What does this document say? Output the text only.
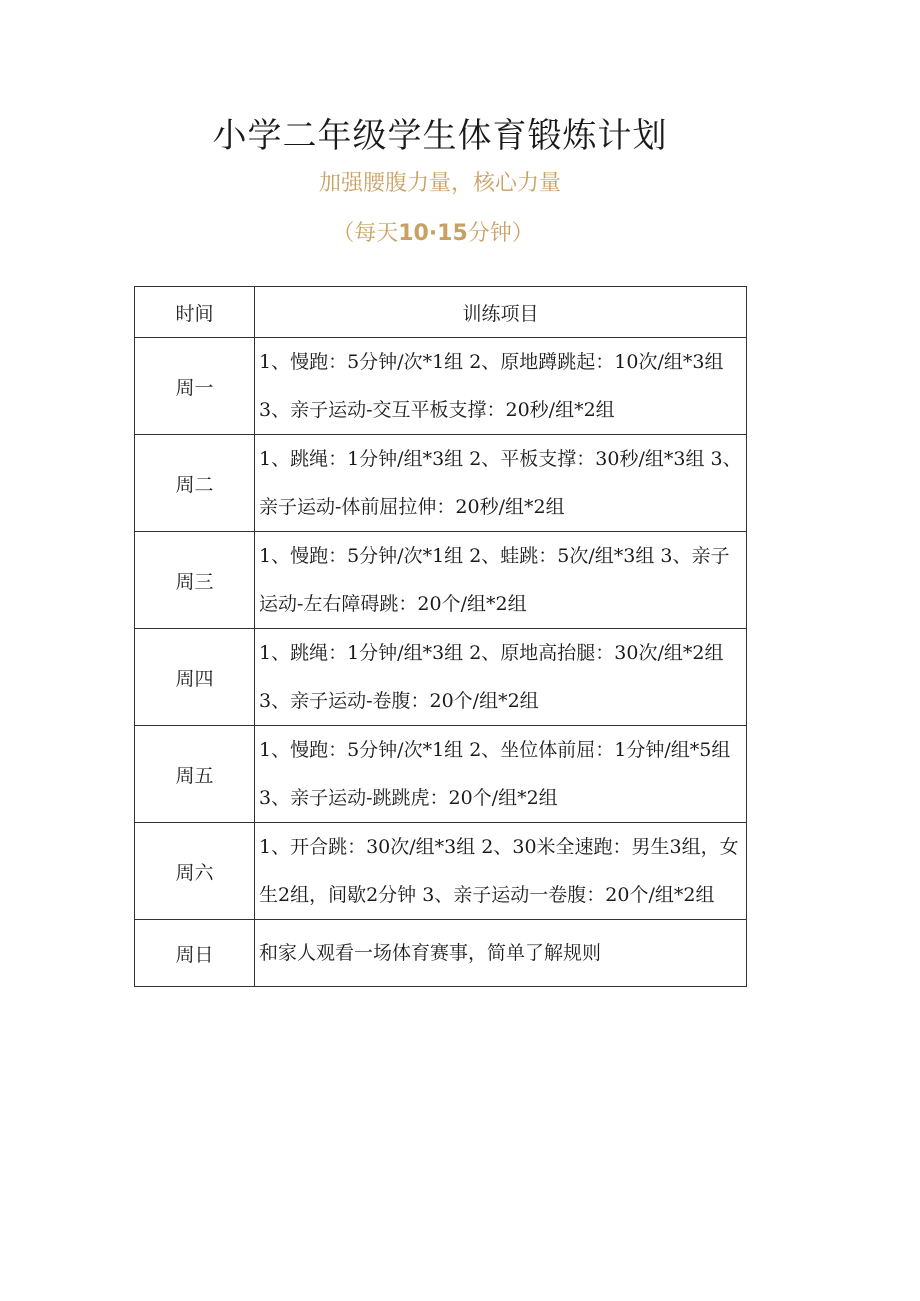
小学二年级学生体育锻炼计划

加强腰腹力量，核心力量

（每天10·15分钟）

时间	训练项目
周一	1、慢跑：5分钟/次*1组 2、原地蹲跳起：10次/组*3组 3、亲子运动-交互平板支撑：20秒/组*2组
周二	1、跳绳：1分钟/组*3组 2、平板支撑：30秒/组*3组 3、亲子运动-体前屈拉伸：20秒/组*2组
周三	1、慢跑：5分钟/次*1组 2、蛙跳：5次/组*3组 3、亲子运动-左右障碍跳：20个/组*2组
周四	1、跳绳：1分钟/组*3组 2、原地高抬腿：30次/组*2组 3、亲子运动-卷腹：20个/组*2组
周五	1、慢跑：5分钟/次*1组 2、坐位体前屈：1分钟/组*5组 3、亲子运动-跳跳虎：20个/组*2组
周六	1、开合跳：30次/组*3组 2、30米全速跑：男生3组，女生2组，间歇2分钟 3、亲子运动一卷腹：20个/组*2组
周日	和家人观看一场体育赛事，简单了解规则
